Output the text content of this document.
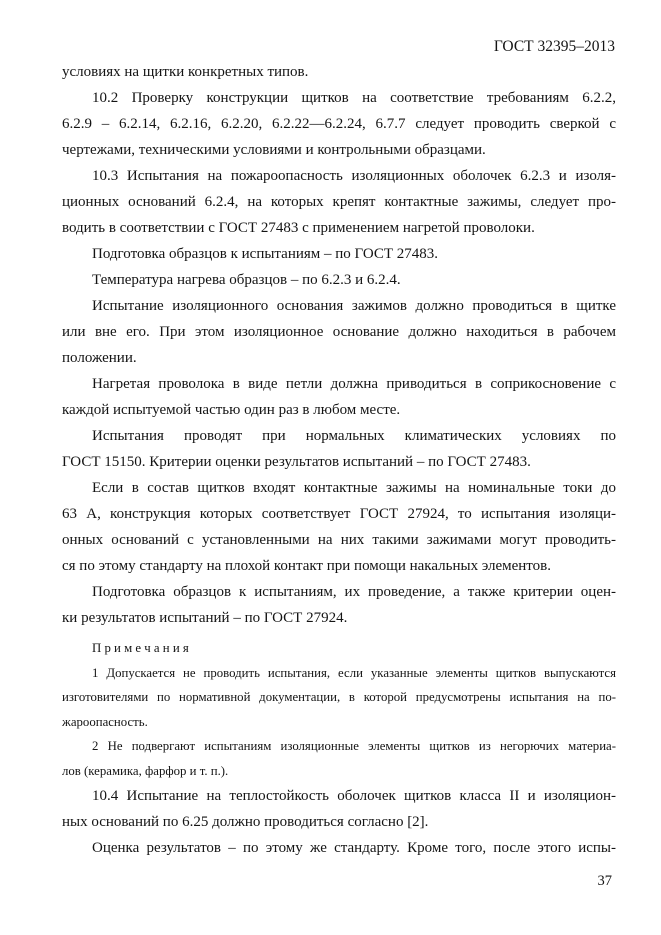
ГОСТ 32395–2013
условиях на щитки конкретных типов.
10.2 Проверку конструкции щитков на соответствие требованиям 6.2.2,
6.2.9 – 6.2.14, 6.2.16, 6.2.20, 6.2.22—6.2.24, 6.7.7 следует проводить сверкой с
чертежами, техническими условиями и контрольными образцами.
10.3 Испытания на пожароопасность изоляционных оболочек 6.2.3 и изоля-
ционных оснований 6.2.4, на которых крепят контактные зажимы, следует про-
водить в соответствии с ГОСТ 27483 с применением нагретой проволоки.
Подготовка образцов к испытаниям – по ГОСТ 27483.
Температура нагрева образцов – по 6.2.3 и 6.2.4.
Испытание изоляционного основания зажимов должно проводиться в щитке
или вне его. При этом изоляционное основание должно находиться в рабочем
положении.
Нагретая проволока в виде петли должна приводиться в соприкосновение с
каждой испытуемой частью один раз в любом месте.
Испытания проводят при нормальных климатических условиях по
ГОСТ 15150. Критерии оценки результатов испытаний – по ГОСТ 27483.
Если в состав щитков входят контактные зажимы на номинальные токи до
63 А, конструкция которых соответствует ГОСТ 27924, то испытания изоляци-
онных оснований с установленными на них такими зажимами могут проводить-
ся по этому стандарту на плохой контакт при помощи накальных элементов.
Подготовка образцов к испытаниям, их проведение, а также критерии оцен-
ки результатов испытаний – по ГОСТ 27924.
П р и м е ч а н и я
1 Допускается не проводить испытания, если указанные элементы щитков выпускаются
изготовителями по нормативной документации, в которой предусмотрены испытания на по-
жароопасность.
2 Не подвергают испытаниям изоляционные элементы щитков из негорючих материа-
лов (керамика, фарфор и т. п.).
10.4 Испытание на теплостойкость оболочек щитков класса II и изоляцион-
ных оснований по 6.25 должно проводиться согласно [2].
Оценка результатов – по этому же стандарту. Кроме того, после этого испы-
37
